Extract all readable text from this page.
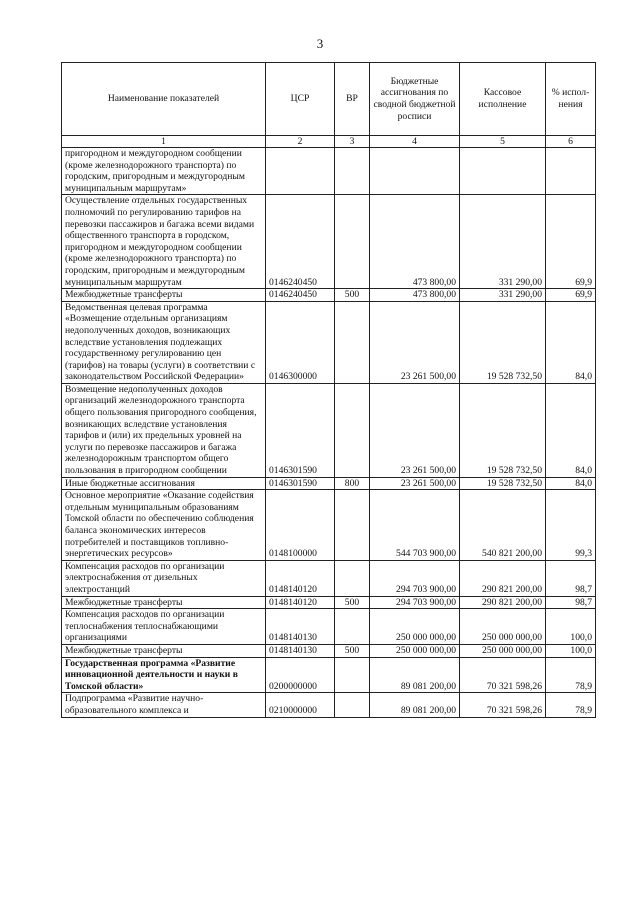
3
Наименование показателей	ЦСР	ВР	Бюджетные ассигнования по сводной бюджетной росписи	Кассовое исполнение	% испол-нения
1	2	3	4	5	6
пригородном и междугородном сообщении (кроме железнодорожного транспорта) по городским, пригородным и междугородным муниципальным маршрутам»					
Осуществление отдельных государственных полномочий по регулированию тарифов на перевозки пассажиров и багажа всеми видами общественного транспорта в городском, пригородном и междугородном сообщении (кроме железнодорожного транспорта) по городским, пригородным и междугородным муниципальным маршрутам	0146240450		473 800,00	331 290,00	69,9
Межбюджетные трансферты	0146240450	500	473 800,00	331 290,00	69,9
Ведомственная целевая программа «Возмещение отдельным организациям недополученных доходов, возникающих вследствие установления подлежащих государственному регулированию цен (тарифов) на товары (услуги) в соответствии с законодательством Российской Федерации»	0146300000		23 261 500,00	19 528 732,50	84,0
Возмещение недополученных доходов организаций железнодорожного транспорта общего пользования пригородного сообщения, возникающих вследствие установления тарифов и (или) их предельных уровней на услуги по перевозке пассажиров и багажа железнодорожным транспортом общего пользования в пригородном сообщении	0146301590		23 261 500,00	19 528 732,50	84,0
Иные бюджетные ассигнования	0146301590	800	23 261 500,00	19 528 732,50	84,0
Основное мероприятие «Оказание содействия отдельным муниципальным образованиям Томской области по обеспечению соблюдения баланса экономических интересов потребителей и поставщиков топливно-энергетических ресурсов»	0148100000		544 703 900,00	540 821 200,00	99,3
Компенсация расходов по организации электроснабжения от дизельных электростанций	0148140120		294 703 900,00	290 821 200,00	98,7
Межбюджетные трансферты	0148140120	500	294 703 900,00	290 821 200,00	98,7
Компенсация расходов по организации теплоснабжения теплоснабжающими организациями	0148140130		250 000 000,00	250 000 000,00	100,0
Межбюджетные трансферты	0148140130	500	250 000 000,00	250 000 000,00	100,0
Государственная программа «Развитие инновационной деятельности и науки в Томской области»	0200000000		89 081 200,00	70 321 598,26	78,9
Подпрограмма «Развитие научно-образовательного комплекса и	0210000000		89 081 200,00	70 321 598,26	78,9
